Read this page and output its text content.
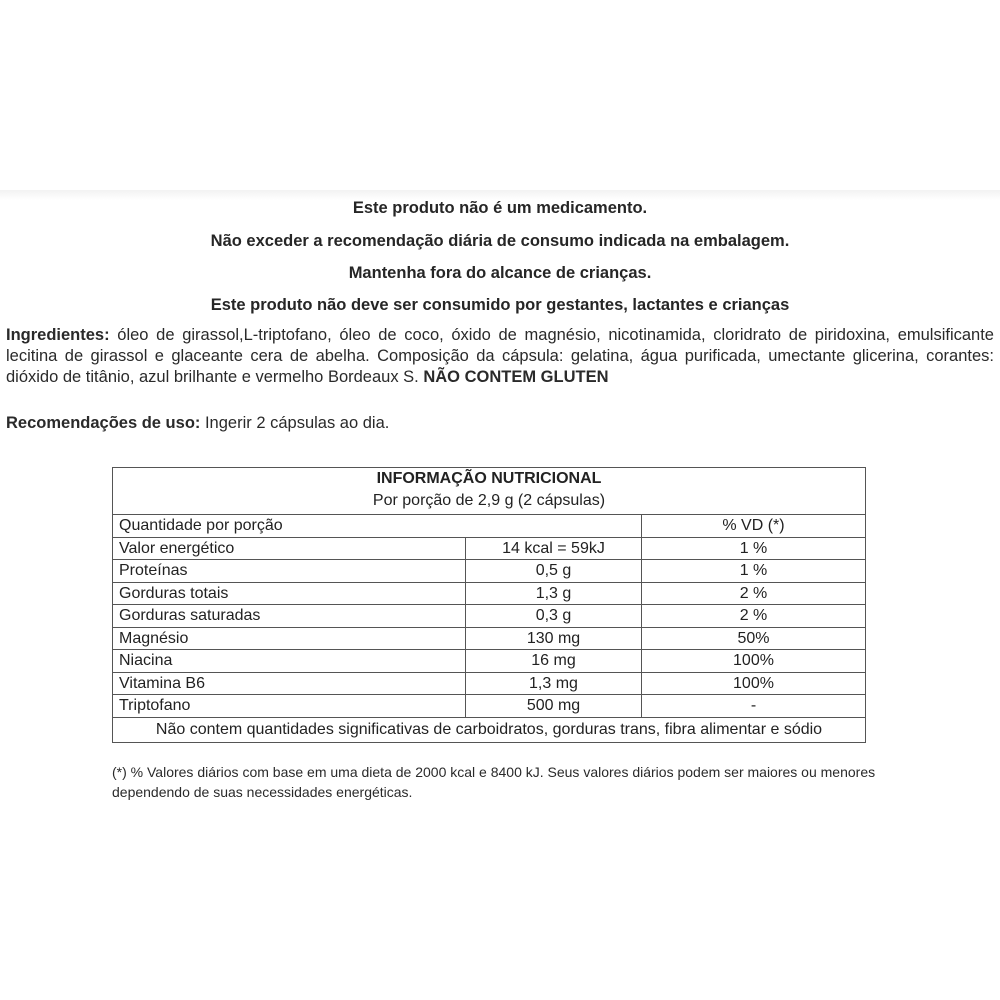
Este produto não é um medicamento.
Não exceder a recomendação diária de consumo indicada na embalagem.
Mantenha fora do alcance de crianças.
Este produto não deve ser consumido por gestantes, lactantes e crianças
Ingredientes: óleo de girassol,L-triptofano, óleo de coco, óxido de magnésio, nicotinamida, cloridrato de piridoxina, emulsificante lecitina de girassol e glaceante cera de abelha. Composição da cápsula: gelatina, água purificada, umectante glicerina, corantes: dióxido de titânio, azul brilhante e vermelho Bordeaux S. NÃO CONTEM GLUTEN
Recomendações de uso: Ingerir 2 cápsulas ao dia.
INFORMAÇÃO NUTRICIONAL
Por porção de 2,9 g (2 cápsulas)		

Quantidade por porção		% VD (*)
Valor energético	14 kcal = 59kJ	1 %
Proteínas	0,5 g	1 %
Gorduras totais	1,3 g	2 %
Gorduras saturadas	0,3 g	2 %
Magnésio	130 mg	50%
Niacina	16 mg	100%
Vitamina B6	1,3 mg	100%
Triptofano	500 mg	-
Não contem quantidades significativas de carboidratos, gorduras trans, fibra alimentar e sódio		
(*) % Valores diários com base em uma dieta de 2000 kcal e 8400 kJ. Seus valores diários podem ser maiores ou menores dependendo de suas necessidades energéticas.
